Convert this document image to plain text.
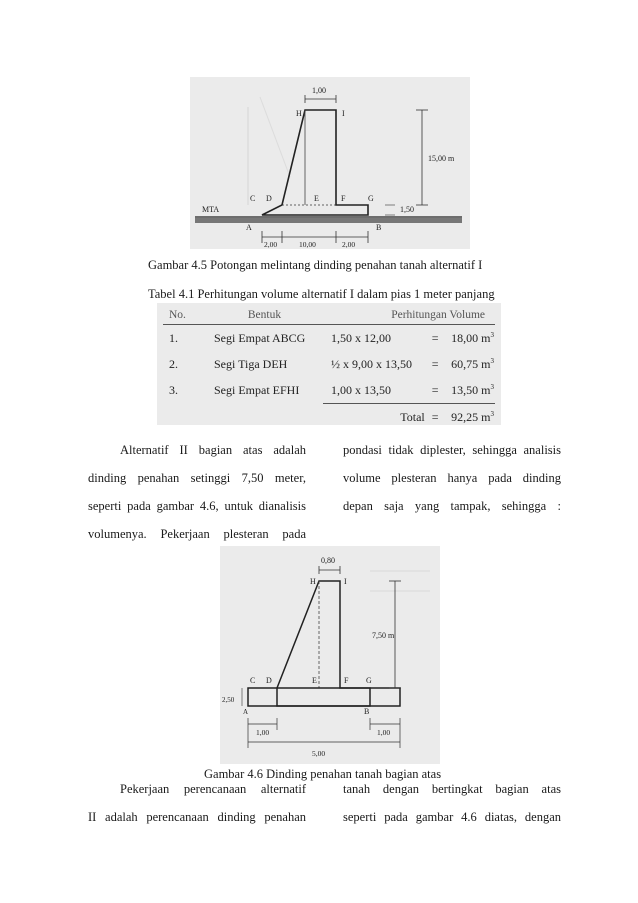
1,00
15,00 m
1,50
MTA
H	I
C D	E	F	G
A	B
2,00	10,00	2,00
Gambar 4.5 Potongan melintang dinding penahan tanah alternatif I
Tabel 4.1 Perhitungan volume alternatif I dalam pias 1 meter panjang
No.	Bentuk	Perhitungan Volume		
1.	Segi Empat ABCG	1,50 x 12,00	=	18,00 $m^3$
2.	Segi Tiga DEH	½ x 9,00 x 13,50	=	60,75 $m^3$
3.	Segi Empat EFHI	1,00 x 13,50	=	13,50 $m^3$
		Total	=	92,25 $m^3$
Alternatif II bagian atas adalah
dinding penahan setinggi 7,50 meter,
seperti pada gambar 4.6, untuk dianalisis
volumenya. Pekerjaan plesteran pada
pondasi tidak diplester, sehingga analisis
volume plesteran hanya pada dinding
depan saja yang tampak, sehingga :
0,80
7,50 m
2,50
H	I
C D	E	F G
A	B
1,00	1,00
5,00
Gambar 4.6 Dinding penahan tanah bagian atas
Pekerjaan perencanaan alternatif
II adalah perencanaan dinding penahan
tanah dengan bertingkat bagian atas
seperti pada gambar 4.6 diatas, dengan
